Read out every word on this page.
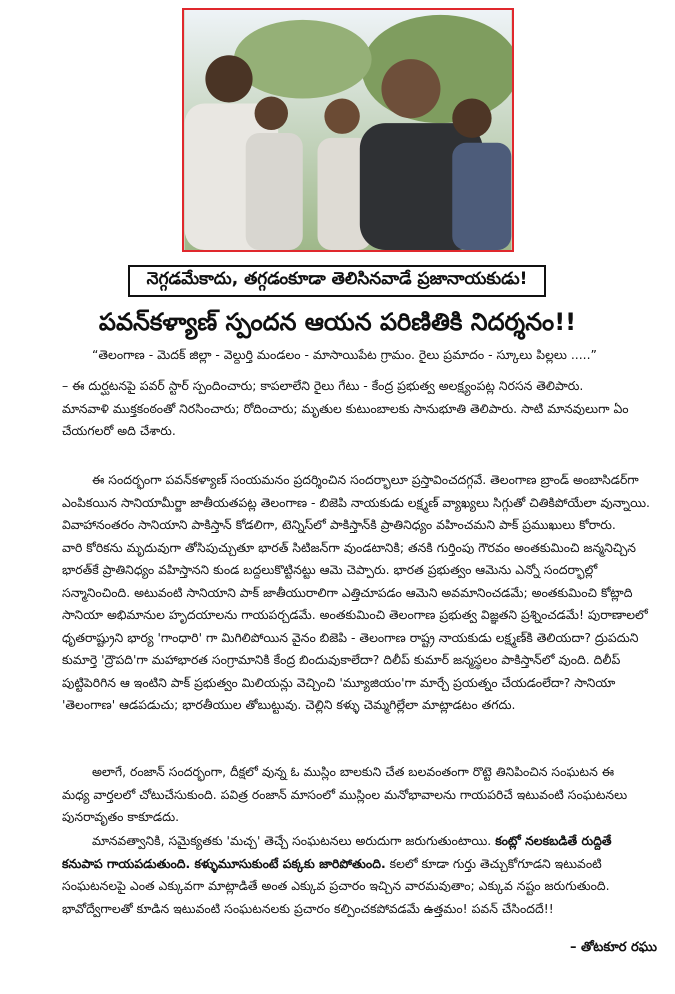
నెగ్గడమేకాదు, తగ్గడంకూడా తెలిసినవాడే ప్రజానాయకుడు!
పవన్‌కళ్యాణ్‌ స్పందన ఆయన పరిణితికి నిదర్శనం!!
“తెలంగాణ - మెదక్‌ జిల్లా - వెల్దుర్తి మండలం - మాసాయిపేట గ్రామం. రైలు ప్రమాదం - స్కూలు పిల్లలు .....”
– ఈ దుర్ఘటనపై పవర్‌ స్టార్‌ స్పందించారు; కాపలాలేని రైలు గేటు - కేంద్ర ప్రభుత్వ అలక్ష్యంపట్ల నిరసన తెలిపారు.
మానవాళి ముక్తకంఠంతో నిరసించారు; రోదించారు; మృతుల కుటుంబాలకు సానుభూతి తెలిపారు. సాటి మానవులుగా ఏం
చేయగలరో అది చేశారు.
ఈ సందర్భంగా పవన్‌కళ్యాణ్‌ సంయమనం ప్రదర్శించిన సందర్భాలూ ప్రస్తావించదగ్గవే. తెలంగాణ బ్రాండ్‌ అంబాసిడర్‌గా
ఎంపికయిన సానియామీర్జా జాతీయతపట్ల తెలంగాణ - బిజెపి నాయకుడు లక్ష్మణ్‌ వ్యాఖ్యలు సిగ్గుతో చితికిపోయేలా వున్నాయి.
వివాహానంతరం సానియాని పాకిస్తాన్‌ కోడలిగా, టెన్నిస్‌లో పాకిస్తాన్‌కి ప్రాతినిధ్యం వహించమని పాక్‌ ప్రముఖులు కోరారు.
వారి కోరికను మృదువుగా తోసిపుచ్చుతూ భారత్‌ సిటిజన్‌గా వుండటానికి; తనకి గుర్తింపు గౌరవం అంతకుమించి జన్మనిచ్చిన
భారత్‌కే ప్రాతినిధ్యం వహిస్తానని కుండ బద్దలుకొట్టినట్టు ఆమె చెప్పారు. భారత ప్రభుత్వం ఆమెను ఎన్నో సందర్భాల్లో
సన్మానించింది. అటువంటి సానియాని పాక్‌ జాతీయురాలిగా ఎత్తిచూపడం ఆమెని అవమానించడమే; అంతకుమించి కోట్లాది
సానియా అభిమానుల హృదయాలను గాయపర్చడమే. అంతకుమించి తెలంగాణ ప్రభుత్వ విజ్ఞతని ప్రశ్నించడమే! పురాణాలలో
ధృతరాష్ట్రుని భార్య 'గాంధారి' గా మిగిలిపోయిన వైనం బిజెపి - తెలంగాణ రాష్ట్ర నాయకుడు లక్ష్మణ్‌కి తెలియదా? ద్రుపదుని
కుమార్తె 'ద్రౌపది'గా మహాభారత సంగ్రామానికి కేంద్ర బిందువుకాలేదా? దిలీప్‌ కుమార్‌ జన్మస్థలం పాకిస్తాన్‌లో వుంది. దిలీప్‌
పుట్టిపెరిగిన ఆ ఇంటిని పాక్‌ ప్రభుత్వం మిలియన్లు వెచ్చించి 'మ్యూజియం'గా మార్చే ప్రయత్నం చేయడంలేదా? సానియా
'తెలంగాణ' ఆడపడుచు; భారతీయుల తోబుట్టువు. చెల్లిని కళ్ళు చెమ్మగిల్లేలా మాట్లాడటం తగదు.
అలాగే, రంజాన్‌ సందర్భంగా, దీక్షలో వున్న ఓ ముస్లిం బాలకుని చేత బలవంతంగా రొట్టె తినిపించిన సంఘటన ఈ
మధ్య వార్తలలో చోటుచేసుకుంది. పవిత్ర రంజాన్‌ మాసంలో ముస్లింల మనోభావాలను గాయపరిచే ఇటువంటి సంఘటనలు
పునరావృతం కాకూడదు.
మానవత్వానికి, సమైక్యతకు 'మచ్చ' తెచ్చే సంఘటనలు అరుదుగా జరుగుతుంటాయి. కంట్లో నలకబడితే రుద్దితే
కనుపాప గాయపడుతుంది. కళ్ళుమూసుకుంటే పక్కకు జారిపోతుంది. కలలో కూడా గుర్తు తెచ్చుకోగూడని ఇటువంటి
సంఘటనలపై ఎంత ఎక్కువగా మాట్లాడితే అంత ఎక్కువ ప్రచారం ఇచ్చిన వారమవుతాం; ఎక్కువ నష్టం జరుగుతుంది.
భావోద్వేగాలతో కూడిన ఇటువంటి సంఘటనలకు ప్రచారం కల్పించకపోవడమే ఉత్తమం! పవన్‌ చేసిందదే!!
– తోటకూర రఘు
